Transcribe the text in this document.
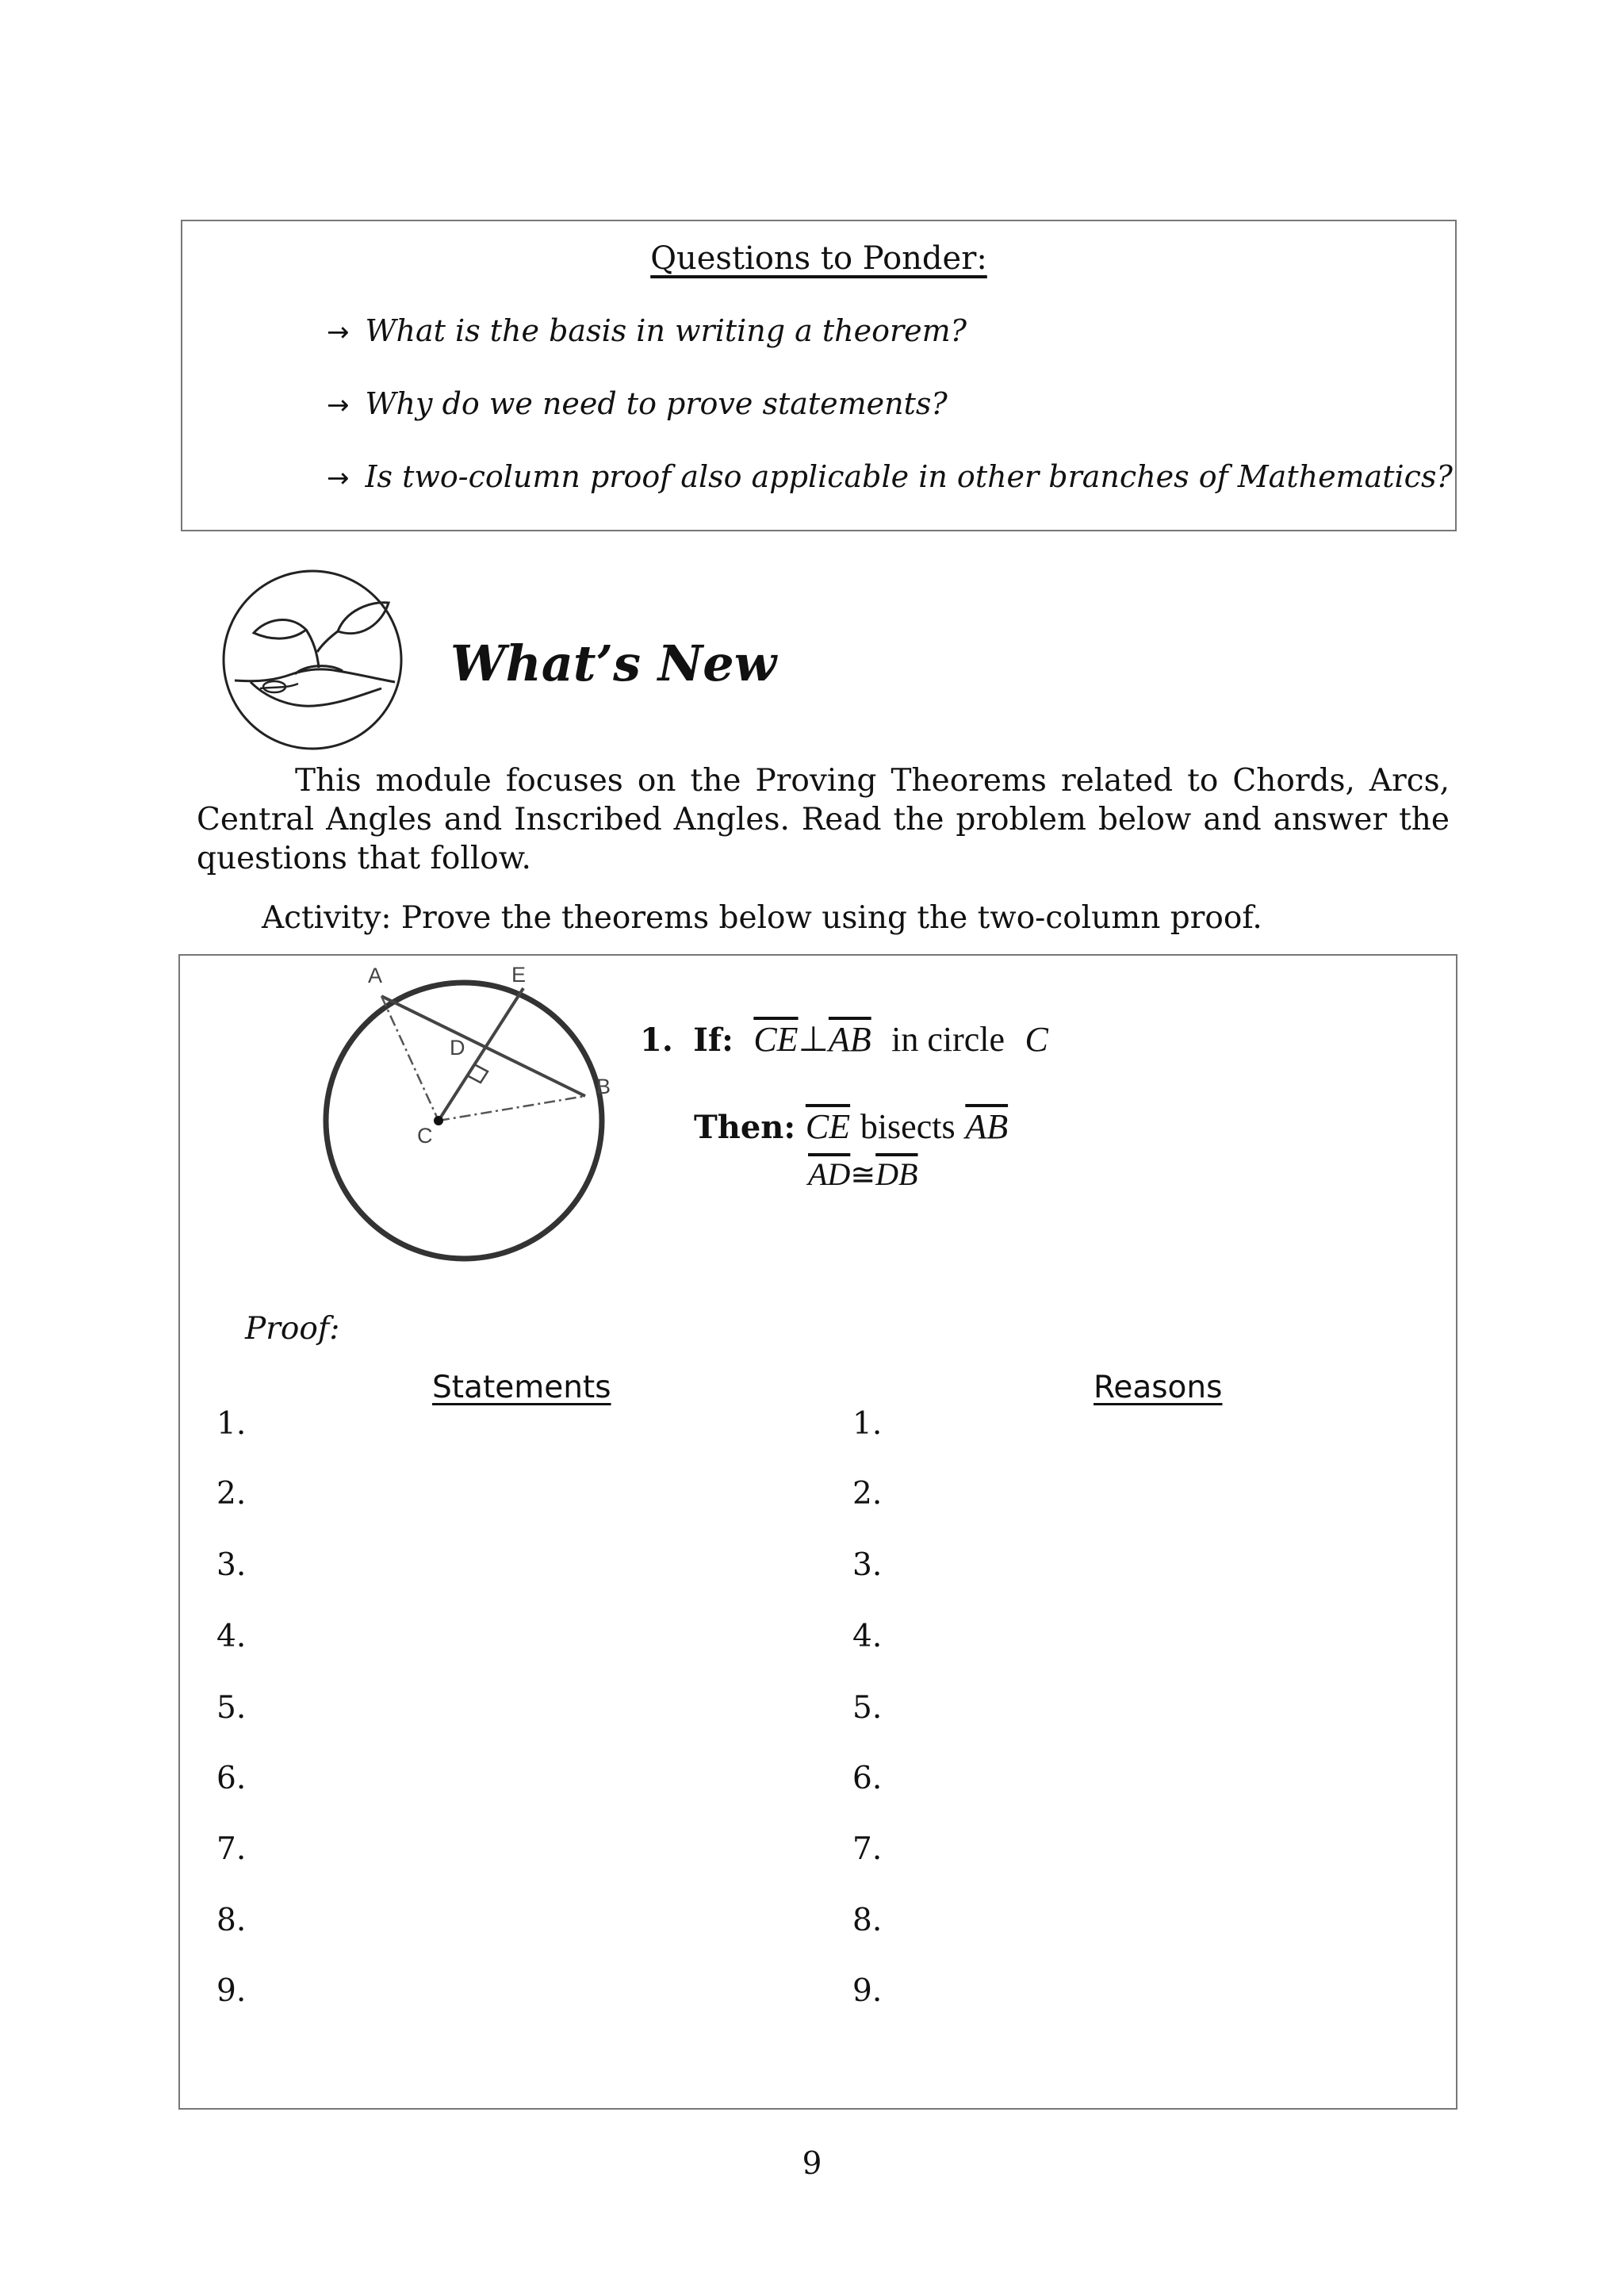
Questions to Ponder:
→ What is the basis in writing a theorem?
→ Why do we need to prove statements?
→ Is two-column proof also applicable in other branches of Mathematics?
What’s New
This module focuses on the Proving Theorems related to Chords, Arcs, Central Angles and Inscribed Angles. Read the problem below and answer the questions that follow.
Activity: Prove the theorems below using the two-column proof.
A	E
D
B
C
1. If: $\overline{CE}\perp\overline{AB}$ in circle C
Then: $\overline{CE}$ bisects $\overline{AB}$
$\overline{AD}≅\overline{DB}$
Proof:
Statements	Reasons
1.
2.
3.
4.
5.
6.
7.
8.
9.
1.
2.
3.
4.
5.
6.
7.
8.
9.
9
